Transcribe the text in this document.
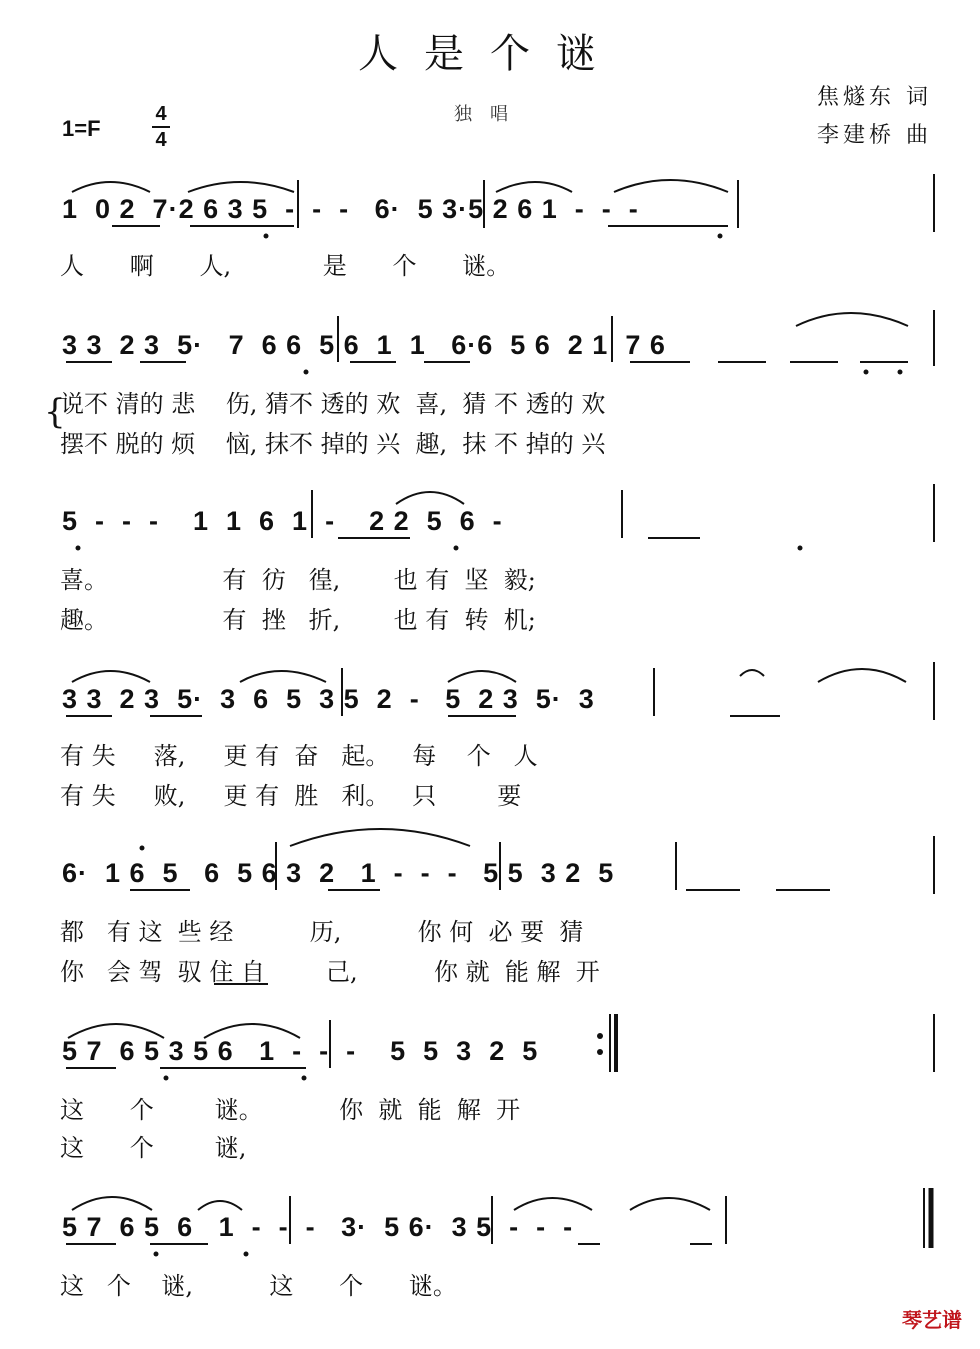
人是个谜
独唱
焦燧东 词
李建桥 曲
1=F
4
4
1  0 2  7·2 6 3 5  -  -  -   6·  5 3·5 2 6 1  -  -  -
人      啊      人,            是      个      谜。
3 3  2 3  5·   7  6 6  5 6  1  1   6·6  5 6  2 1  7 6
{
说不 清的 悲    伤, 猜不 透的 欢  喜,  猜 不 透的 欢
摆不 脱的 烦    恼, 抹不 掉的 兴  趣,  抹 不 掉的 兴
5  -  -  -    1  1  6  1  -    2 2  5  6  -
喜。               有  彷   徨,       也 有  坚  毅;
趣。               有  挫   折,       也 有  转  机;
3 3  2 3  5·  3  6  5  3 5  2  -   5  2 3  5·  3
有 失     落,     更 有  奋   起。   每    个   人
有 失     败,     更 有  胜   利。   只        要
6·  1 6  5   6  5 6 3  2   1  -  -  -   5 5  3 2  5
都   有 这  些 经          历,          你 何  必 要  猜
你   会 驾  驭 住 自        己,          你 就  能 解  开
5 7  6 5 3 5 6   1  -  -  -    5  5  3  2  5
这      个        谜。          你  就  能  解  开
这      个        谜,
5 7  6 5  6   1  -  -  -   3·  5 6·  3 5  -  -  -
这   个    谜,          这      个      谜。
琴艺谱
